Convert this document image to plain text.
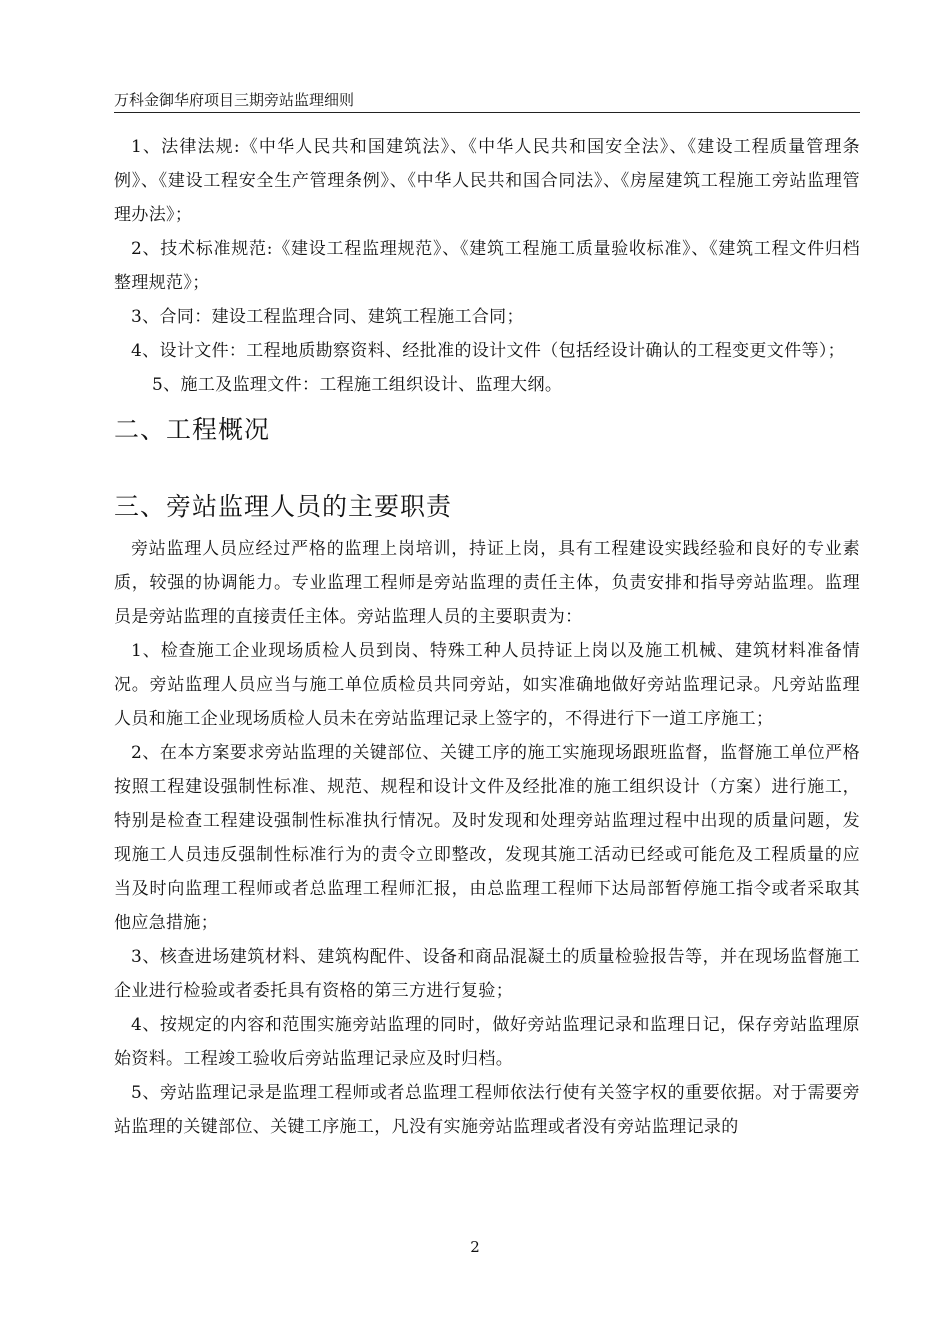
万科金御华府项目三期旁站监理细则

1、法律法规:《中华人民共和国建筑法》、《中华人民共和国安全法》、《建设工程质量管理条例》、《建设工程安全生产管理条例》、《中华人民共和国合同法》、《房屋建筑工程施工旁站监理管理办法》；

2、技术标准规范:《建设工程监理规范》、《建筑工程施工质量验收标准》、《建筑工程文件归档整理规范》；

3、合同：建设工程监理合同、建筑工程施工合同；

4、设计文件：工程地质勘察资料、经批准的设计文件（包括经设计确认的工程变更文件等）；

5、施工及监理文件：工程施工组织设计、监理大纲。

二、工程概况
三、旁站监理人员的主要职责

旁站监理人员应经过严格的监理上岗培训，持证上岗，具有工程建设实践经验和良好的专业素质，较强的协调能力。专业监理工程师是旁站监理的责任主体，负责安排和指导旁站监理。监理员是旁站监理的直接责任主体。旁站监理人员的主要职责为：

1、检查施工企业现场质检人员到岗、特殊工种人员持证上岗以及施工机械、建筑材料准备情况。旁站监理人员应当与施工单位质检员共同旁站，如实准确地做好旁站监理记录。凡旁站监理人员和施工企业现场质检人员未在旁站监理记录上签字的，不得进行下一道工序施工；

2、在本方案要求旁站监理的关键部位、关键工序的施工实施现场跟班监督，监督施工单位严格按照工程建设强制性标准、规范、规程和设计文件及经批准的施工组织设计（方案）进行施工，特别是检查工程建设强制性标准执行情况。及时发现和处理旁站监理过程中出现的质量问题，发现施工人员违反强制性标准行为的责令立即整改，发现其施工活动已经或可能危及工程质量的应当及时向监理工程师或者总监理工程师汇报，由总监理工程师下达局部暂停施工指令或者采取其他应急措施；

3、核查进场建筑材料、建筑构配件、设备和商品混凝土的质量检验报告等，并在现场监督施工企业进行检验或者委托具有资格的第三方进行复验；

4、按规定的内容和范围实施旁站监理的同时，做好旁站监理记录和监理日记，保存旁站监理原始资料。工程竣工验收后旁站监理记录应及时归档。

5、旁站监理记录是监理工程师或者总监理工程师依法行使有关签字权的重要依据。对于需要旁站监理的关键部位、关键工序施工，凡没有实施旁站监理或者没有旁站监理记录的

2
